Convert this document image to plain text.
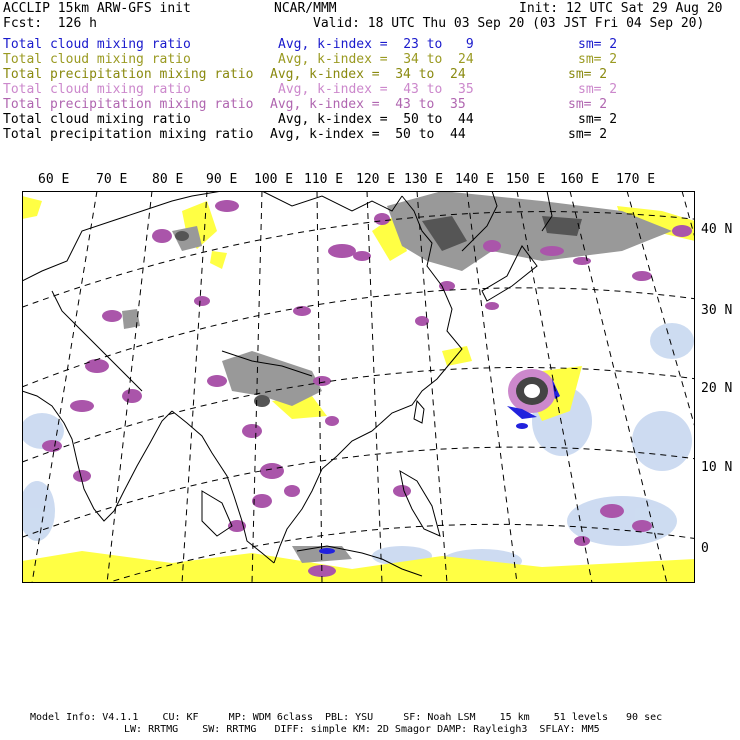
ACCLIP 15km ARW-GFS init	NCAR/MMM	Init: 12 UTC Sat 29 Aug 20
Fcst:  126 h	Valid: 18 UTC Thu 03 Sep 20 (03 JST Fri 04 Sep 20)
Total cloud mixing ratio	Avg, k-index =  23 to   9	sm= 2
Total cloud mixing ratio	Avg, k-index =  34 to  24	sm= 2
Total precipitation mixing ratio Avg, k-index =  34 to  24	sm= 2
Total cloud mixing ratio	Avg, k-index =  43 to  35	sm= 2
Total precipitation mixing ratio Avg, k-index =  43 to  35	sm= 2
Total cloud mixing ratio	Avg, k-index =  50 to  44	sm= 2
Total precipitation mixing ratio Avg, k-index =  50 to  44	sm= 2
60 E 70 E 80 E 90 E 100 E 110 E 120 E 130 E 140 E 150 E 160 E 170 E
40 N
30 N
20 N
10 N
0
Model Info: V4.1.1    CU: KF     MP: WDM 6class  PBL: YSU     SF: Noah LSM    15 km    51 levels   90 sec
LW: RRTMG    SW: RRTMG   DIFF: simple KM: 2D Smagor DAMP: Rayleigh3  SFLAY: MM5
